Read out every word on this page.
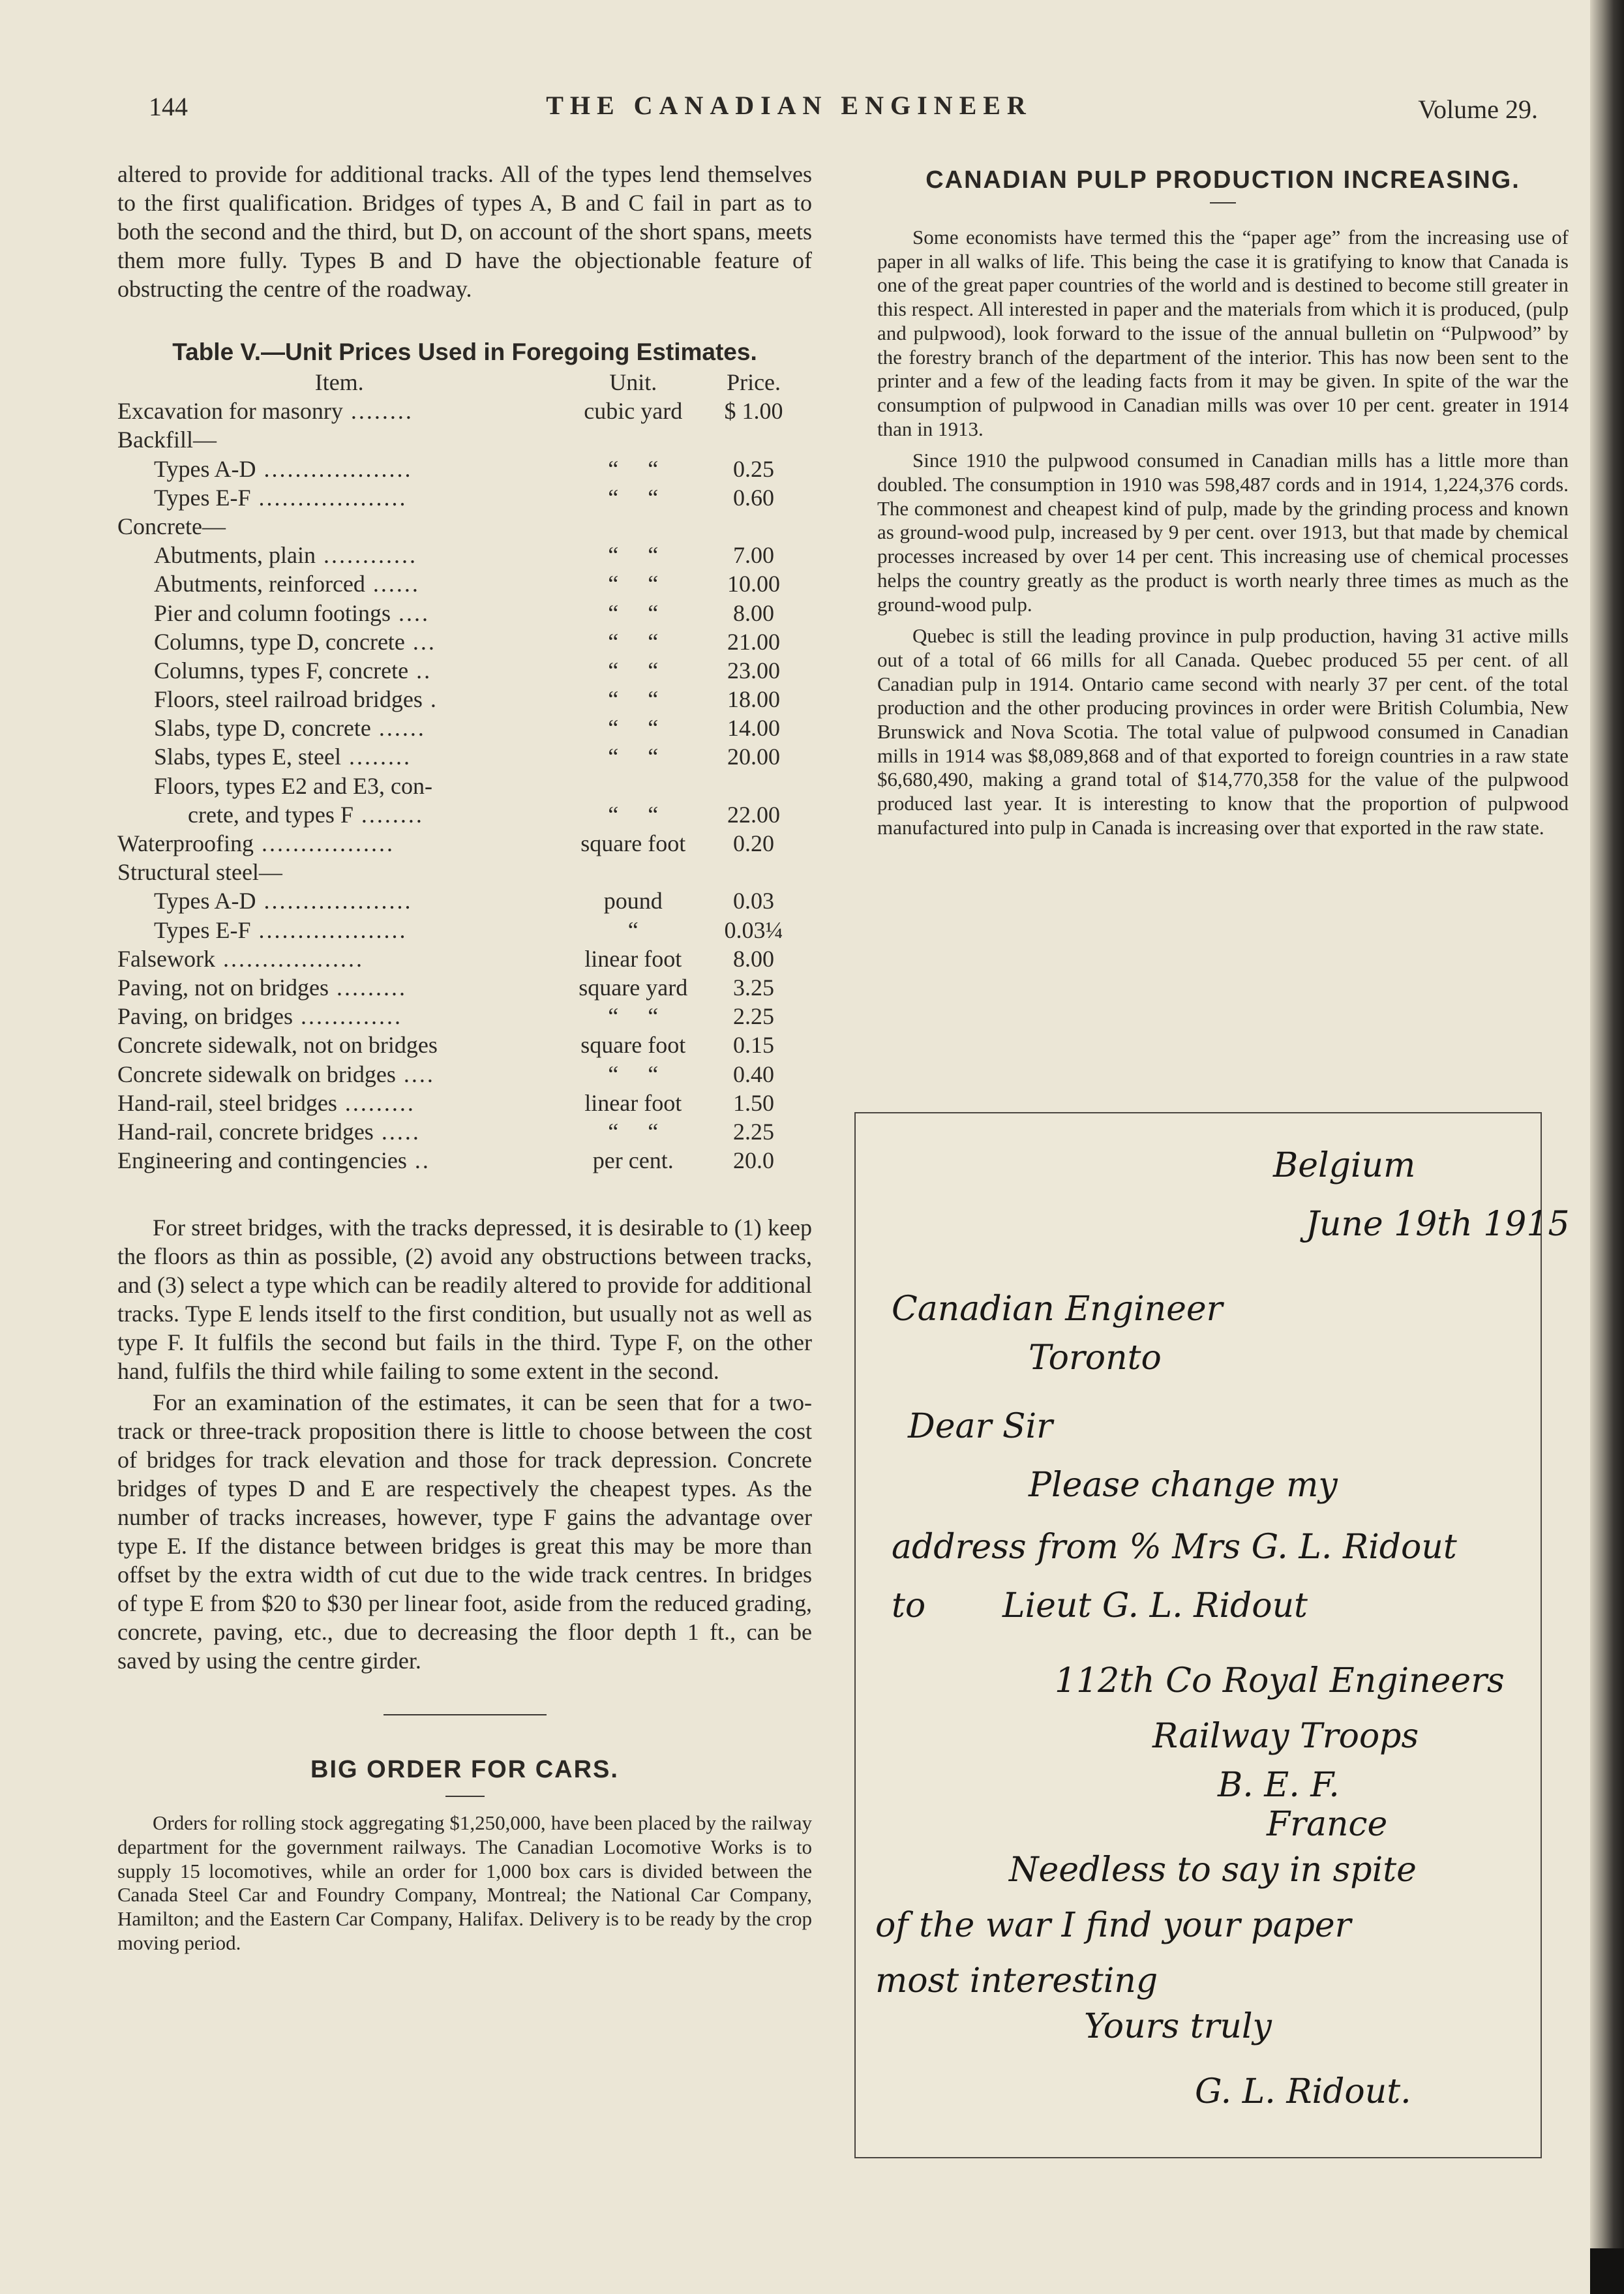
144	THE CANADIAN ENGINEER	Volume 29.

altered to provide for additional tracks. All of the types lend themselves to the first qualification. Bridges of types A, B and C fail in part as to both the second and the third, but D, on account of the short spans, meets them more fully. Types B and D have the objectionable feature of obstructing the centre of the roadway.

Table V.—Unit Prices Used in Foregoing Estimates.
Item.	Unit.	Price.
Excavation for masonry ........	cubic yard	$ 1.00
Backfill—		
Types A-D ...................	“     “	0.25
Types E-F ...................	“     “	0.60
Concrete—		
Abutments, plain ............	“     “	7.00
Abutments, reinforced ......	“     “	10.00
Pier and column footings ....	“     “	8.00
Columns, type D, concrete ...	“     “	21.00
Columns, types F, concrete ..	“     “	23.00
Floors, steel railroad bridges .	“     “	18.00
Slabs, type D, concrete ......	“     “	14.00
Slabs, types E, steel ........	“     “	20.00
Floors, types E2 and E3, con-		
crete, and types F ........	“     “	22.00
Waterproofing .................	square foot	0.20
Structural steel—		
Types A-D ...................	pound	0.03
Types E-F ...................	“	0.03¼
Falsework ..................	linear foot	8.00
Paving, not on bridges .........	square yard	3.25
Paving, on bridges .............	“     “	2.25
Concrete sidewalk, not on bridges	square foot	0.15
Concrete sidewalk on bridges ....	“     “	0.40
Hand-rail, steel bridges .........	linear foot	1.50
Hand-rail, concrete bridges .....	“     “	2.25
Engineering and contingencies ..	per cent.	20.0

For street bridges, with the tracks depressed, it is desirable to (1) keep the floors as thin as possible, (2) avoid any obstructions between tracks, and (3) select a type which can be readily altered to provide for additional tracks. Type E lends itself to the first condition, but usually not as well as type F. It fulfils the second but fails in the third. Type F, on the other hand, fulfils the third while failing to some extent in the second.

For an examination of the estimates, it can be seen that for a two-track or three-track proposition there is little to choose between the cost of bridges for track elevation and those for track depression. Concrete bridges of types D and E are respectively the cheapest types. As the number of tracks increases, however, type F gains the advantage over type E. If the distance between bridges is great this may be more than offset by the extra width of cut due to the wide track centres. In bridges of type E from $20 to $30 per linear foot, aside from the reduced grading, concrete, paving, etc., due to decreasing the floor depth 1 ft., can be saved by using the centre girder.

BIG ORDER FOR CARS.

Orders for rolling stock aggregating $1,250,000, have been placed by the railway department for the government railways. The Canadian Locomotive Works is to supply 15 locomotives, while an order for 1,000 box cars is divided between the Canada Steel Car and Foundry Company, Montreal; the National Car Company, Hamilton; and the Eastern Car Company, Halifax. Delivery is to be ready by the crop moving period.

CANADIAN PULP PRODUCTION INCREASING.

Some economists have termed this the “paper age” from the increasing use of paper in all walks of life. This being the case it is gratifying to know that Canada is one of the great paper countries of the world and is destined to become still greater in this respect. All interested in paper and the materials from which it is produced, (pulp and pulpwood), look forward to the issue of the annual bulletin on “Pulpwood” by the forestry branch of the department of the interior. This has now been sent to the printer and a few of the leading facts from it may be given. In spite of the war the consumption of pulpwood in Canadian mills was over 10 per cent. greater in 1914 than in 1913.

Since 1910 the pulpwood consumed in Canadian mills has a little more than doubled. The consumption in 1910 was 598,487 cords and in 1914, 1,224,376 cords. The commonest and cheapest kind of pulp, made by the grinding process and known as ground-wood pulp, increased by 9 per cent. over 1913, but that made by chemical processes increased by over 14 per cent. This increasing use of chemical processes helps the country greatly as the product is worth nearly three times as much as the ground-wood pulp.

Quebec is still the leading province in pulp production, having 31 active mills out of a total of 66 mills for all Canada. Quebec produced 55 per cent. of all Canadian pulp in 1914. Ontario came second with nearly 37 per cent. of the total production and the other producing provinces in order were British Columbia, New Brunswick and Nova Scotia. The total value of pulpwood consumed in Canadian mills in 1914 was $8,089,868 and of that exported to foreign countries in a raw state $6,680,490, making a grand total of $14,770,358 for the value of the pulpwood produced last year. It is interesting to know that the proportion of pulpwood manufactured into pulp in Canada is increasing over that exported in the raw state.

Belgium
June 19th 1915
Canadian Engineer
Toronto
Dear Sir
Please change my
address from % Mrs G. L. Ridout
to Lieut G. L. Ridout
112th Co Royal Engineers
Railway Troops
B. E. F.
France
Needless to say in spite
of the war I find your paper
most interesting
Yours truly
G. L. Ridout.
